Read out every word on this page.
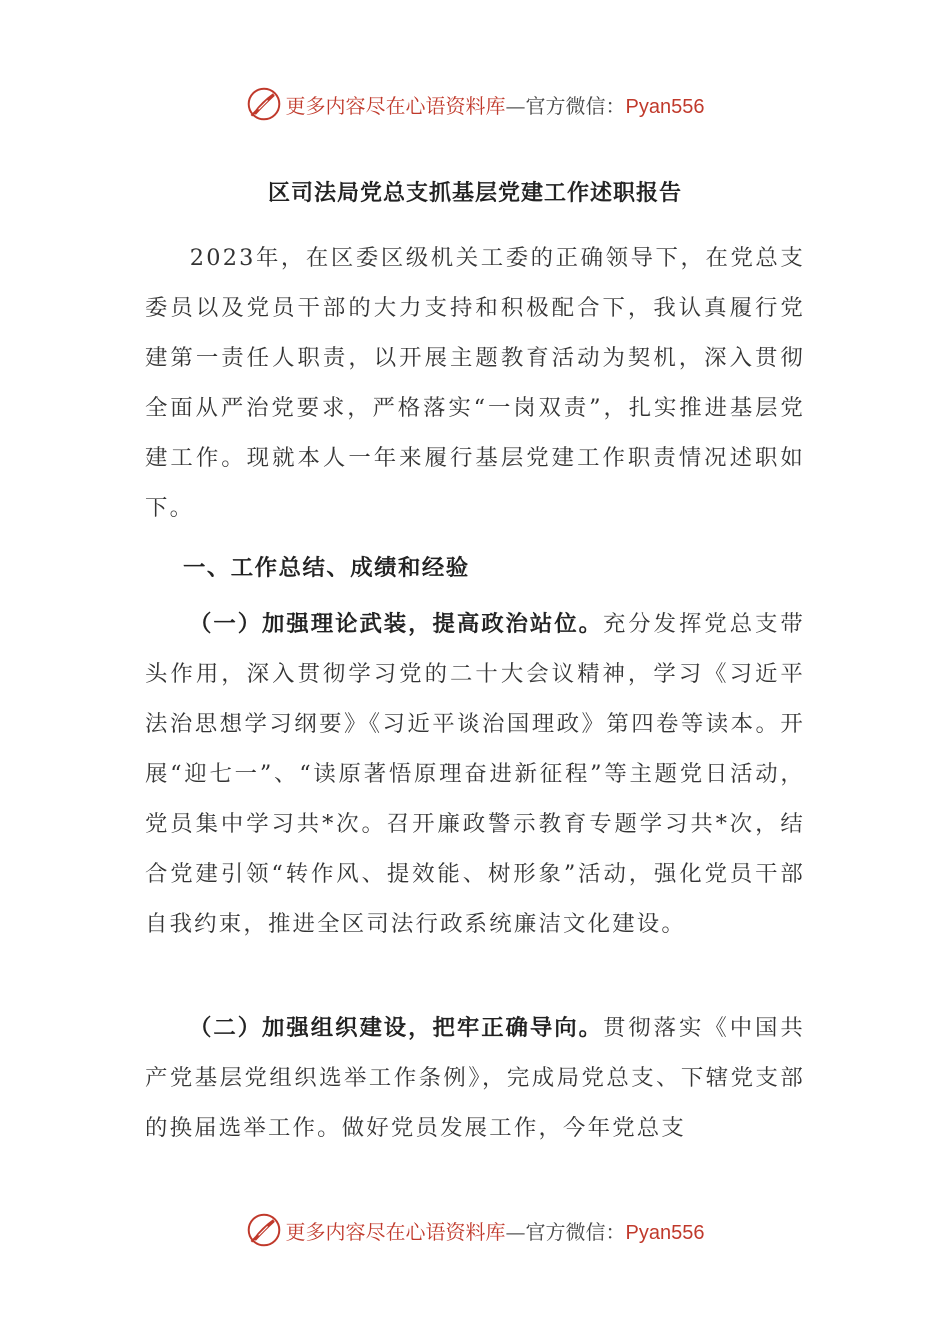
更多内容尽在心语资料库—官方微信：Pyan556
区司法局党总支抓基层党建工作述职报告
2023年，在区委区级机关工委的正确领导下，在党总支委员以及党员干部的大力支持和积极配合下，我认真履行党建第一责任人职责，以开展主题教育活动为契机，深入贯彻全面从严治党要求，严格落实“一岗双责”，扎实推进基层党建工作。现就本人一年来履行基层党建工作职责情况述职如下。
一、工作总结、成绩和经验
（一）加强理论武装，提高政治站位。充分发挥党总支带头作用，深入贯彻学习党的二十大会议精神，学习《习近平法治思想学习纲要》《习近平谈治国理政》第四卷等读本。开展“迎七一”、“读原著悟原理奋进新征程”等主题党日活动，党员集中学习共*次。召开廉政警示教育专题学习共*次，结合党建引领“转作风、提效能、树形象”活动，强化党员干部自我约束，推进全区司法行政系统廉洁文化建设。
（二）加强组织建设，把牢正确导向。贯彻落实《中国共产党基层党组织选举工作条例》，完成局党总支、下辖党支部的换届选举工作。做好党员发展工作，今年党总支
更多内容尽在心语资料库—官方微信：Pyan556
